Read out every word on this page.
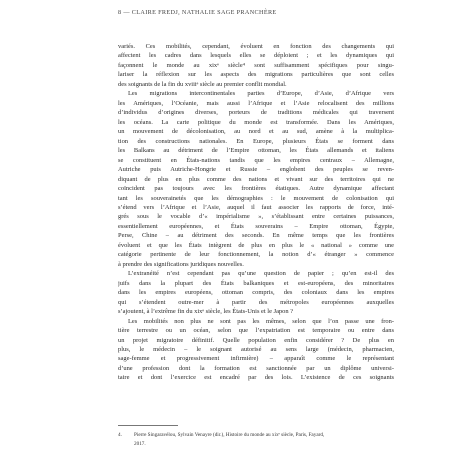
8 — CLAIRE FREDJ, NATHALIE SAGE PRANCHÈRE
variés. Ces mobilités, cependant, évoluent en fonction des changements qui
affectent les cadres dans lesquels elles se déploient ; et les dynamiques qui
façonnent le monde au xixᵉ siècle⁴ sont suffisamment spécifiques pour singu-
lariser la réflexion sur les aspects des migrations particulières que sont celles
des soignants de la fin du xviiiᵉ siècle au premier conflit mondial.
Les migrations intercontinentales parties d’Europe, d’Asie, d’Afrique vers
les Amériques, l’Océanie, mais aussi l’Afrique et l’Asie relocalisent des millions
d’individus d’origines diverses, porteurs de traditions médicales qui traversent
les océans. La carte politique du monde est transformée. Dans les Amériques,
un mouvement de décolonisation, au nord et au sud, amène à la multiplica-
tion des constructions nationales. En Europe, plusieurs États se forment dans
les Balkans au détriment de l’Empire ottoman, les États allemands et italiens
se constituent en États-nations tandis que les empires centraux – Allemagne,
Autriche puis Autriche-Hongrie et Russie – englobent des peuples se reven-
diquant de plus en plus comme des nations et vivant sur des territoires qui ne
coïncident pas toujours avec les frontières étatiques. Autre dynamique affectant
tant les souverainetés que les démographies : le mouvement de colonisation qui
s’étend vers l’Afrique et l’Asie, auquel il faut associer les rapports de force, inté-
grés sous le vocable d’« impérialisme », s’établissant entre certaines puissances,
essentiellement européennes, et États souverains – Empire ottoman, Égypte,
Perse, Chine – au détriment des seconds. En même temps que les frontières
évoluent et que les États intègrent de plus en plus le « national » comme une
catégorie pertinente de leur fonctionnement, la notion d’« étranger » commence
à prendre des significations juridiques nouvelles.
L’extranéité n’est cependant pas qu’une question de papier ; qu’en est-il des
juifs dans la plupart des États balkaniques et est-européens, des minoritaires
dans les empires européens, ottoman compris, des coloniaux dans les empires
qui s’étendent outre-mer à partir des métropoles européennes auxquelles
s’ajoutent, à l’extrême fin du xixᵉ siècle, les États-Unis et le Japon ?
Les mobilités non plus ne sont pas les mêmes, selon que l’on passe une fron-
tière terrestre ou un océan, selon que l’expatriation est temporaire ou entre dans
un projet migratoire définitif. Quelle population enfin considérer ? De plus en
plus, le médecin – le soignant autorisé au sens large (médecin, pharmacien,
sage-femme et progressivement infirmière) – apparaît comme le représentant
d’une profession dont la formation est sanctionnée par un diplôme universi-
taire et dont l’exercice est encadré par des lois. L’existence de ces soignants
4. Pierre Singaravélou, Sylvain Venayre (dir.), Histoire du monde au xixᵉ siècle, Paris, Fayard,
2017.
